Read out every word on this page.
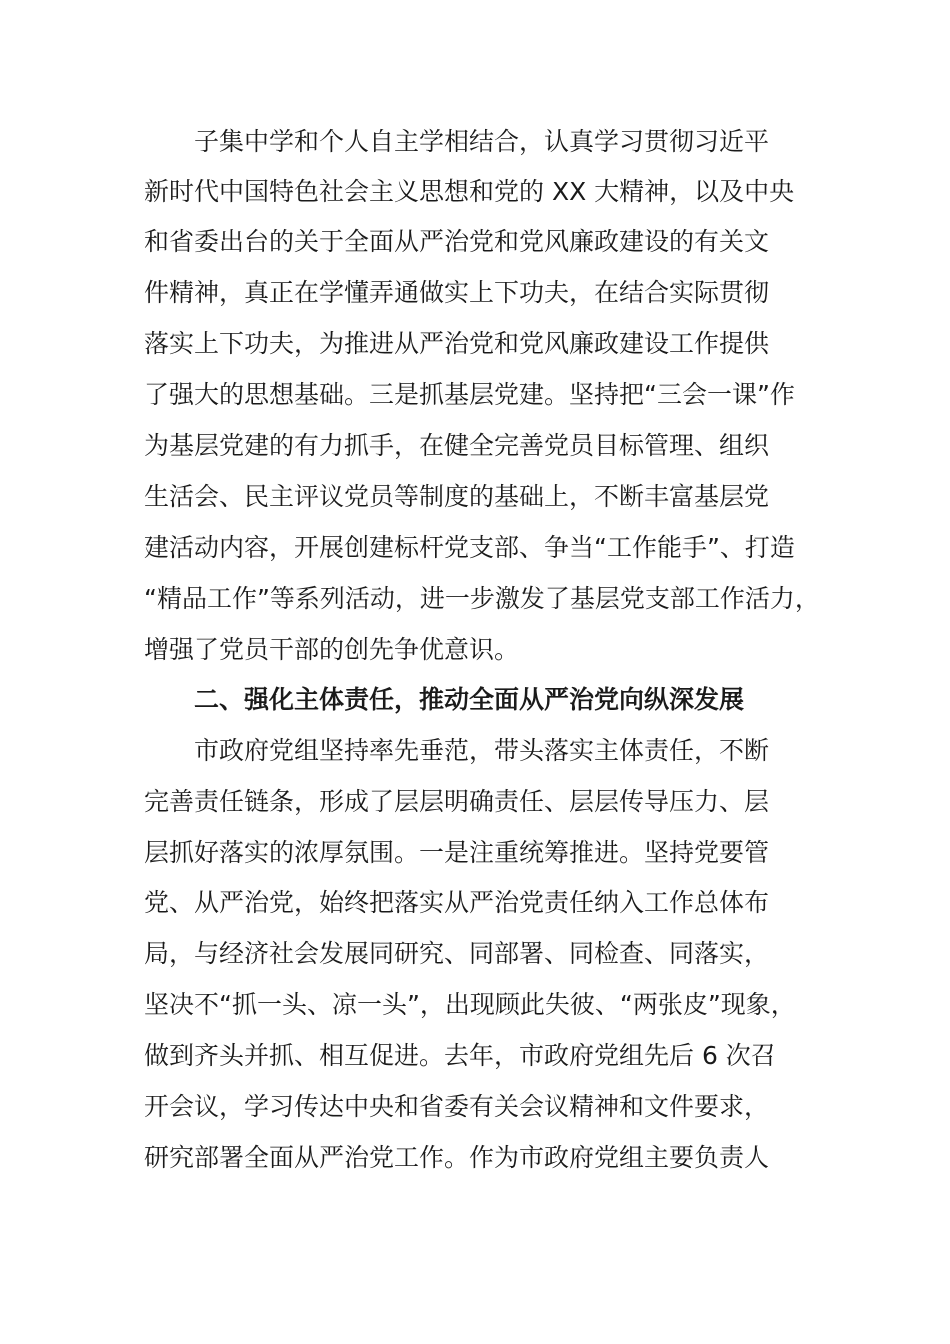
子集中学和个人自主学相结合，认真学习贯彻习近平
新时代中国特色社会主义思想和党的 XX 大精神，以及中央
和省委出台的关于全面从严治党和党风廉政建设的有关文
件精神，真正在学懂弄通做实上下功夫，在结合实际贯彻
落实上下功夫，为推进从严治党和党风廉政建设工作提供
了强大的思想基础。三是抓基层党建。坚持把“三会一课”作
为基层党建的有力抓手，在健全完善党员目标管理、组织
生活会、民主评议党员等制度的基础上，不断丰富基层党
建活动内容，开展创建标杆党支部、争当“工作能手”、打造
“精品工作”等系列活动，进一步激发了基层党支部工作活力，
增强了党员干部的创先争优意识。
二、强化主体责任，推动全面从严治党向纵深发展
市政府党组坚持率先垂范，带头落实主体责任，不断
完善责任链条，形成了层层明确责任、层层传导压力、层
层抓好落实的浓厚氛围。一是注重统筹推进。坚持党要管
党、从严治党，始终把落实从严治党责任纳入工作总体布
局，与经济社会发展同研究、同部署、同检查、同落实，
坚决不“抓一头、凉一头”，出现顾此失彼、“两张皮”现象，
做到齐头并抓、相互促进。去年，市政府党组先后 6 次召
开会议，学习传达中央和省委有关会议精神和文件要求，
研究部署全面从严治党工作。作为市政府党组主要负责人
